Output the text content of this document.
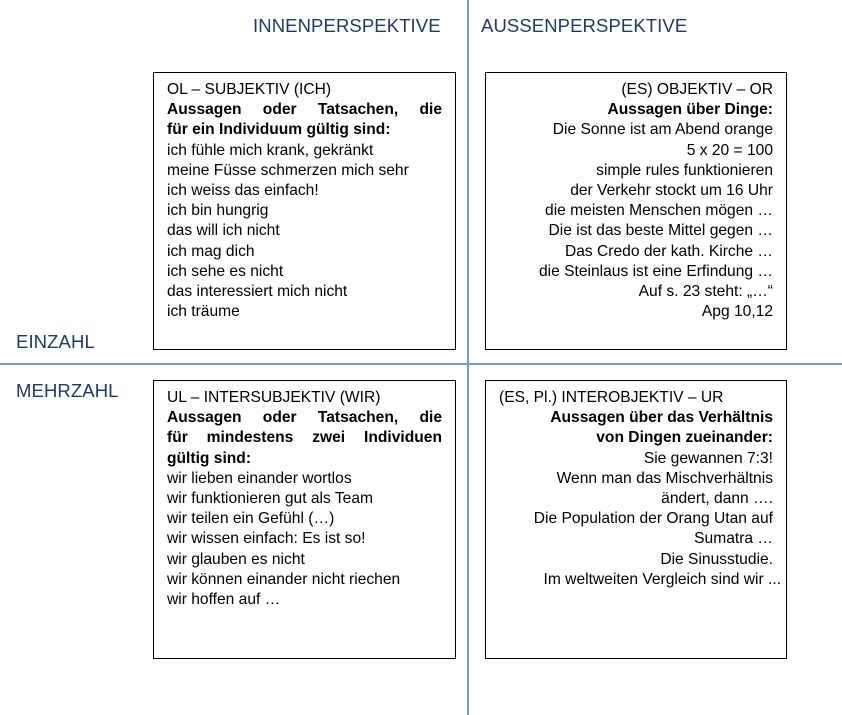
INNENPERSPEKTIVE AUSSENPERSPEKTIVE
EINZAHL
MEHRZAHL
OL – SUBJEKTIV (ICH)
Aussagen oder Tatsachen, die
für ein Individuum gültig sind:
ich fühle mich krank, gekränkt
meine Füsse schmerzen mich sehr
ich weiss das einfach!
ich bin hungrig
das will ich nicht
ich mag dich
ich sehe es nicht
das interessiert mich nicht
ich träume
(ES) OBJEKTIV – OR
Aussagen über Dinge:
Die Sonne ist am Abend orange
5 x 20 = 100
simple rules funktionieren
der Verkehr stockt um 16 Uhr
die meisten Menschen mögen …
Die ist das beste Mittel gegen …
Das Credo der kath. Kirche …
die Steinlaus ist eine Erfindung …
Auf s. 23 steht: „…“
Apg 10,12
UL – INTERSUBJEKTIV (WIR)
Aussagen oder Tatsachen, die
für mindestens zwei Individuen
gültig sind:
wir lieben einander wortlos
wir funktionieren gut als Team
wir teilen ein Gefühl (…)
wir wissen einfach: Es ist so!
wir glauben es nicht
wir können einander nicht riechen
wir hoffen auf …
(ES, Pl.) INTEROBJEKTIV – UR
Aussagen über das Verhältnis
von Dingen zueinander:
Sie gewannen 7:3!
Wenn man das Mischverhältnis
ändert, dann ….
Die Population der Orang Utan auf
Sumatra …
Die Sinusstudie.
Im weltweiten Vergleich sind wir ...
